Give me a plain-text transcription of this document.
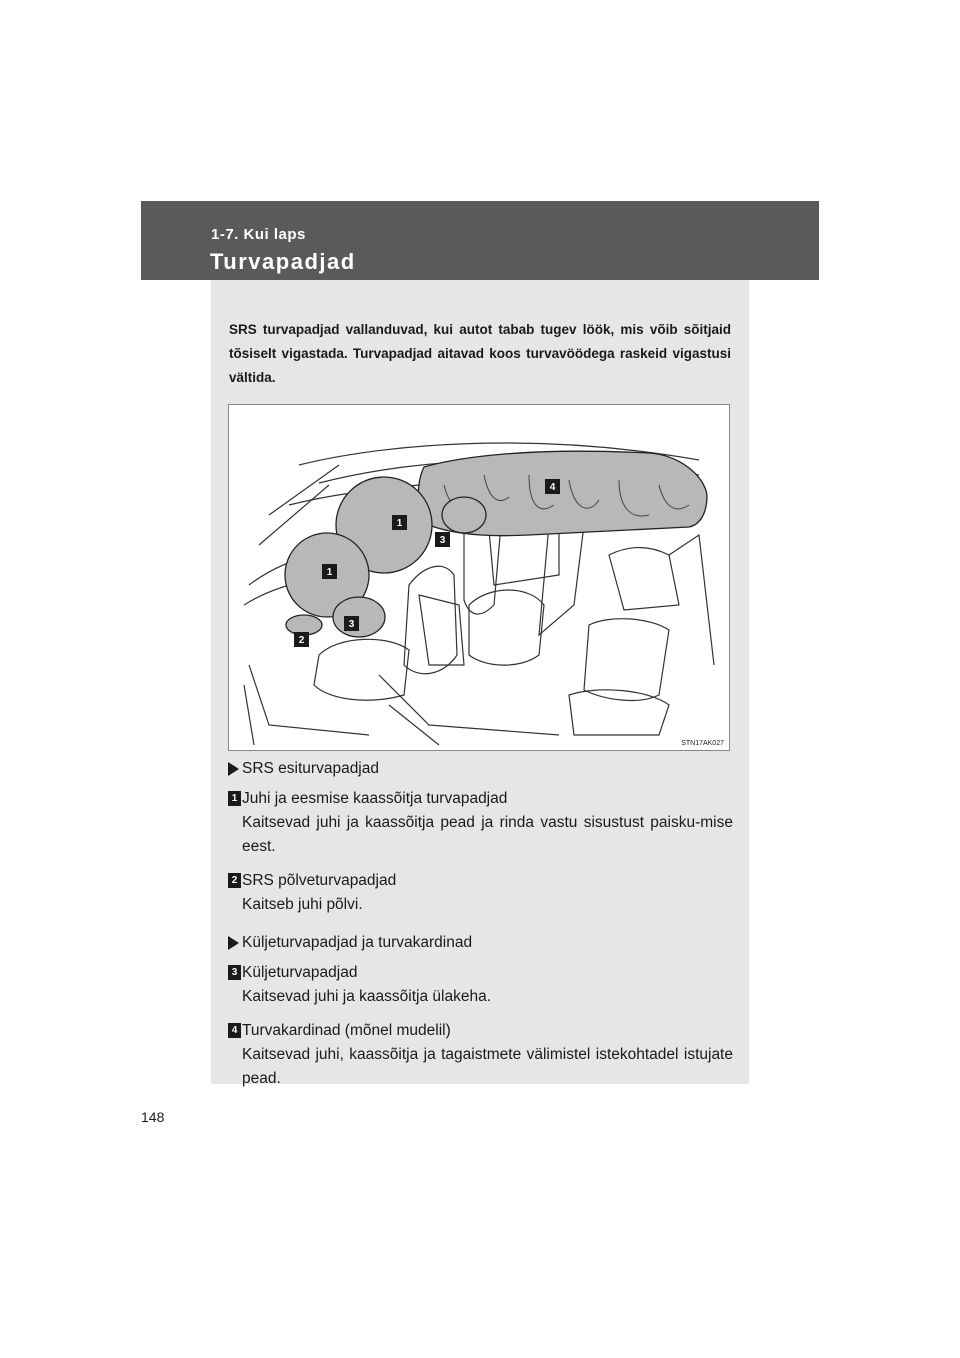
1-7. Kui laps
Turvapadjad
SRS turvapadjad vallanduvad, kui autot tabab tugev löök, mis võib sõitjaid tõsiselt vigastada. Turvapadjad aitavad koos turvavöödega raskeid vigastusi vältida.
1
1
2
3
3
4
STN17AK027
SRS esiturvapadjad
1 Juhi ja eesmise kaassõitja turvapadjad
Kaitsevad juhi ja kaassõitja pead ja rinda vastu sisustust paisku-mise eest.
2 SRS põlveturvapadjad
Kaitseb juhi põlvi.
Küljeturvapadjad ja turvakardinad
3 Küljeturvapadjad
Kaitsevad juhi ja kaassõitja ülakeha.
4 Turvakardinad (mõnel mudelil)
Kaitsevad juhi, kaassõitja ja tagaistmete välimistel istekohtadel istujate pead.
148
